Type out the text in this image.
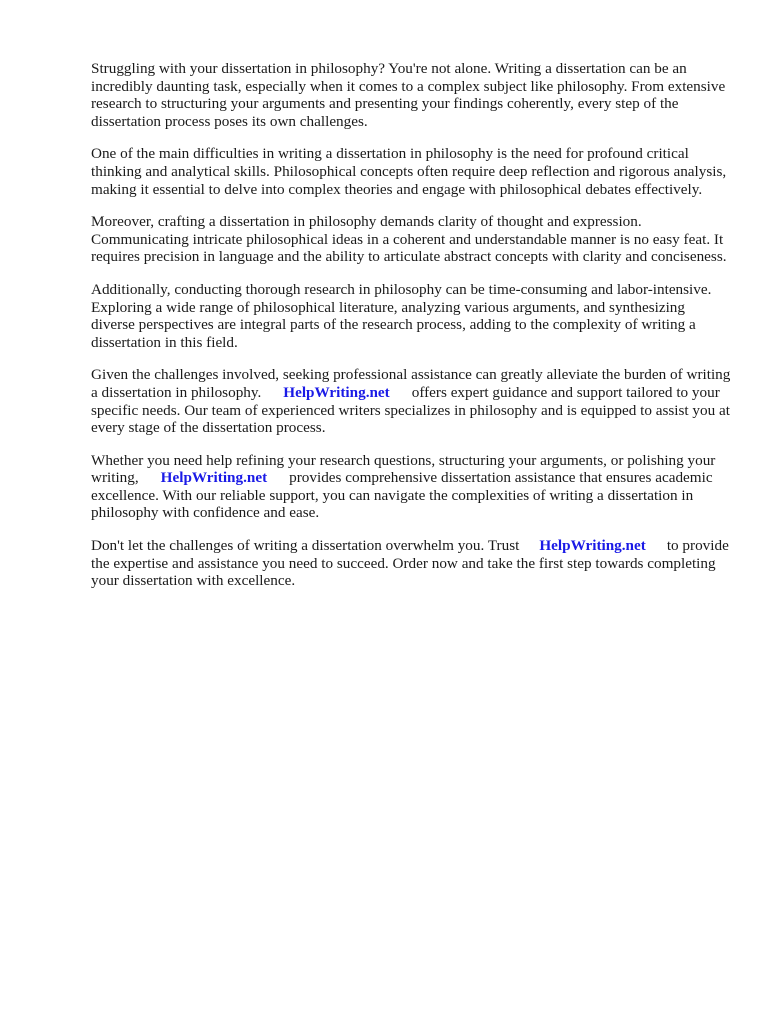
Struggling with your dissertation in philosophy? You're not alone. Writing a dissertation can be an incredibly daunting task, especially when it comes to a complex subject like philosophy. From extensive research to structuring your arguments and presenting your findings coherently, every step of the dissertation process poses its own challenges.

One of the main difficulties in writing a dissertation in philosophy is the need for profound critical thinking and analytical skills. Philosophical concepts often require deep reflection and rigorous analysis, making it essential to delve into complex theories and engage with philosophical debates effectively.

Moreover, crafting a dissertation in philosophy demands clarity of thought and expression. Communicating intricate philosophical ideas in a coherent and understandable manner is no easy feat. It requires precision in language and the ability to articulate abstract concepts with clarity and conciseness.

Additionally, conducting thorough research in philosophy can be time-consuming and labor-intensive. Exploring a wide range of philosophical literature, analyzing various arguments, and synthesizing diverse perspectives are integral parts of the research process, adding to the complexity of writing a dissertation in this field.

Given the challenges involved, seeking professional assistance can greatly alleviate the burden of writing a dissertation in philosophy. HelpWriting.net offers expert guidance and support tailored to your specific needs. Our team of experienced writers specializes in philosophy and is equipped to assist you at every stage of the dissertation process.

Whether you need help refining your research questions, structuring your arguments, or polishing your writing, HelpWriting.net provides comprehensive dissertation assistance that ensures academic excellence. With our reliable support, you can navigate the complexities of writing a dissertation in philosophy with confidence and ease.

Don't let the challenges of writing a dissertation overwhelm you. Trust HelpWriting.net to provide the expertise and assistance you need to succeed. Order now and take the first step towards completing your dissertation with excellence.
